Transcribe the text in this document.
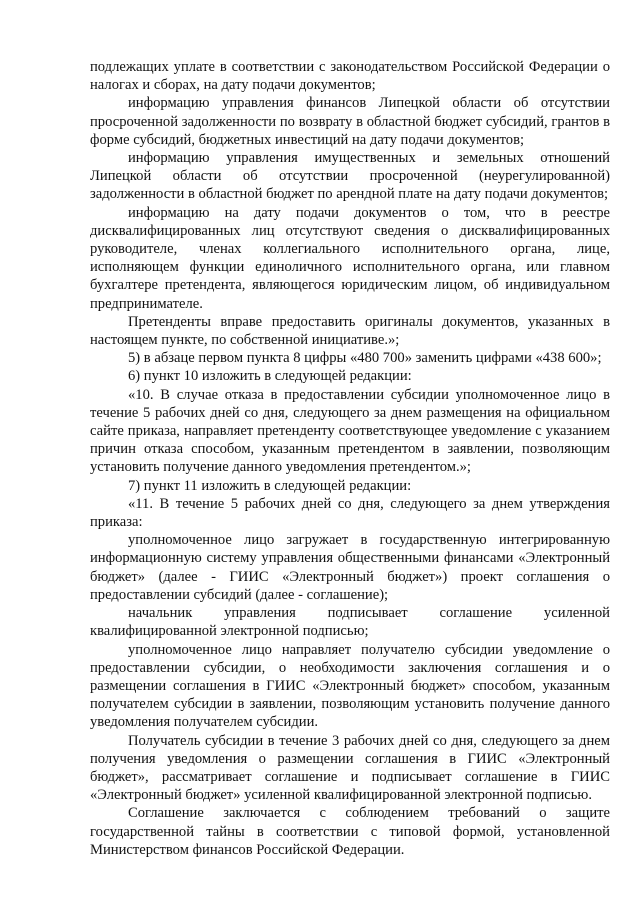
подлежащих уплате в соответствии с законодательством Российской Федерации о налогах и сборах, на дату подачи документов;

информацию управления финансов Липецкой области об отсутствии просроченной задолженности по возврату в областной бюджет субсидий, грантов в форме субсидий, бюджетных инвестиций на дату подачи документов;

информацию управления имущественных и земельных отношений Липецкой области об отсутствии просроченной (неурегулированной) задолженности в областной бюджет по арендной плате на дату подачи документов;

информацию на дату подачи документов о том, что в реестре дисквалифицированных лиц отсутствуют сведения о дисквалифицированных руководителе, членах коллегиального исполнительного органа, лице, исполняющем функции единоличного исполнительного органа, или главном бухгалтере претендента, являющегося юридическим лицом, об индивидуальном предпринимателе.

Претенденты вправе предоставить оригиналы документов, указанных в настоящем пункте, по собственной инициативе.»;

5) в абзаце первом пункта 8 цифры «480 700» заменить цифрами «438 600»;

6) пункт 10 изложить в следующей редакции:

«10. В случае отказа в предоставлении субсидии уполномоченное лицо в течение 5 рабочих дней со дня, следующего за днем размещения на официальном сайте приказа, направляет претенденту соответствующее уведомление с указанием причин отказа способом, указанным претендентом в заявлении, позволяющим установить получение данного уведомления претендентом.»;

7) пункт 11 изложить в следующей редакции:

«11. В течение 5 рабочих дней со дня, следующего за днем утверждения приказа:

уполномоченное лицо загружает в государственную интегрированную информационную систему управления общественными финансами «Электронный бюджет» (далее - ГИИС «Электронный бюджет») проект соглашения о предоставлении субсидий (далее - соглашение);

начальник управления подписывает соглашение усиленной квалифицированной электронной подписью;

уполномоченное лицо направляет получателю субсидии уведомление о предоставлении субсидии, о необходимости заключения соглашения и о размещении соглашения в ГИИС «Электронный бюджет» способом, указанным получателем субсидии в заявлении, позволяющим установить получение данного уведомления получателем субсидии.

Получатель субсидии в течение 3 рабочих дней со дня, следующего за днем получения уведомления о размещении соглашения в ГИИС «Электронный бюджет», рассматривает соглашение и подписывает соглашение в ГИИС «Электронный бюджет» усиленной квалифицированной электронной подписью.

Соглашение заключается с соблюдением требований о защите государственной тайны в соответствии с типовой формой, установленной Министерством финансов Российской Федерации.
